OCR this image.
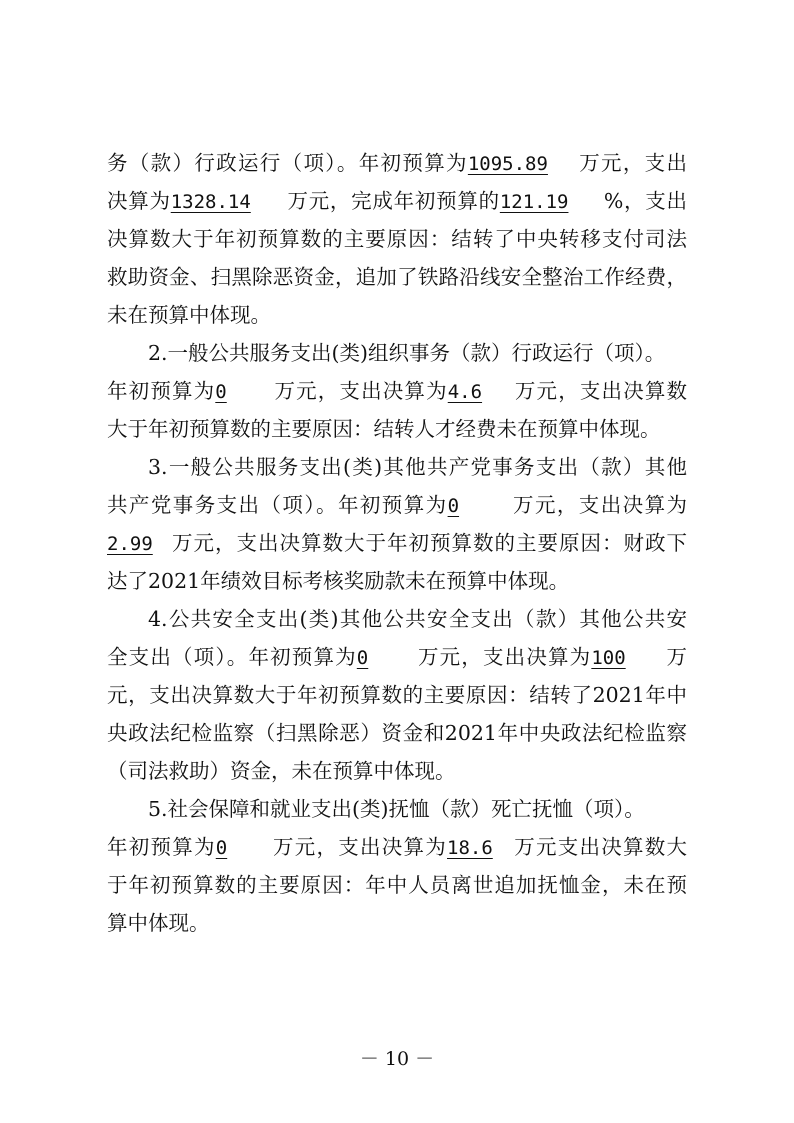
务（款）行政运行（项）。年初预算为1095.89 万元，支出
决算为1328.14 万元，完成年初预算的121.19 %，支出
决算数大于年初预算数的主要原因：结转了中央转移支付司法
救助资金、扫黑除恶资金，追加了铁路沿线安全整治工作经费，
未在预算中体现。
2.一般公共服务支出(类)组织事务（款）行政运行（项）。
年初预算为0 万元，支出决算为4.6 万元，支出决算数
大于年初预算数的主要原因：结转人才经费未在预算中体现。
3.一般公共服务支出(类)其他共产党事务支出（款）其他
共产党事务支出（项）。年初预算为0	万元，支出决算为
2.99 万元，支出决算数大于年初预算数的主要原因：财政下
达了2021年绩效目标考核奖励款未在预算中体现。
4.公共安全支出(类)其他公共安全支出（款）其他公共安
全支出（项）。年初预算为0 万元，支出决算为100 万
元，支出决算数大于年初预算数的主要原因：结转了2021年中
央政法纪检监察（扫黑除恶）资金和2021年中央政法纪检监察
（司法救助）资金，未在预算中体现。
5.社会保障和就业支出(类)抚恤（款）死亡抚恤（项）。
年初预算为0 万元，支出决算为18.6 万元支出决算数大
于年初预算数的主要原因：年中人员离世追加抚恤金，未在预
算中体现。
－ 10 －
